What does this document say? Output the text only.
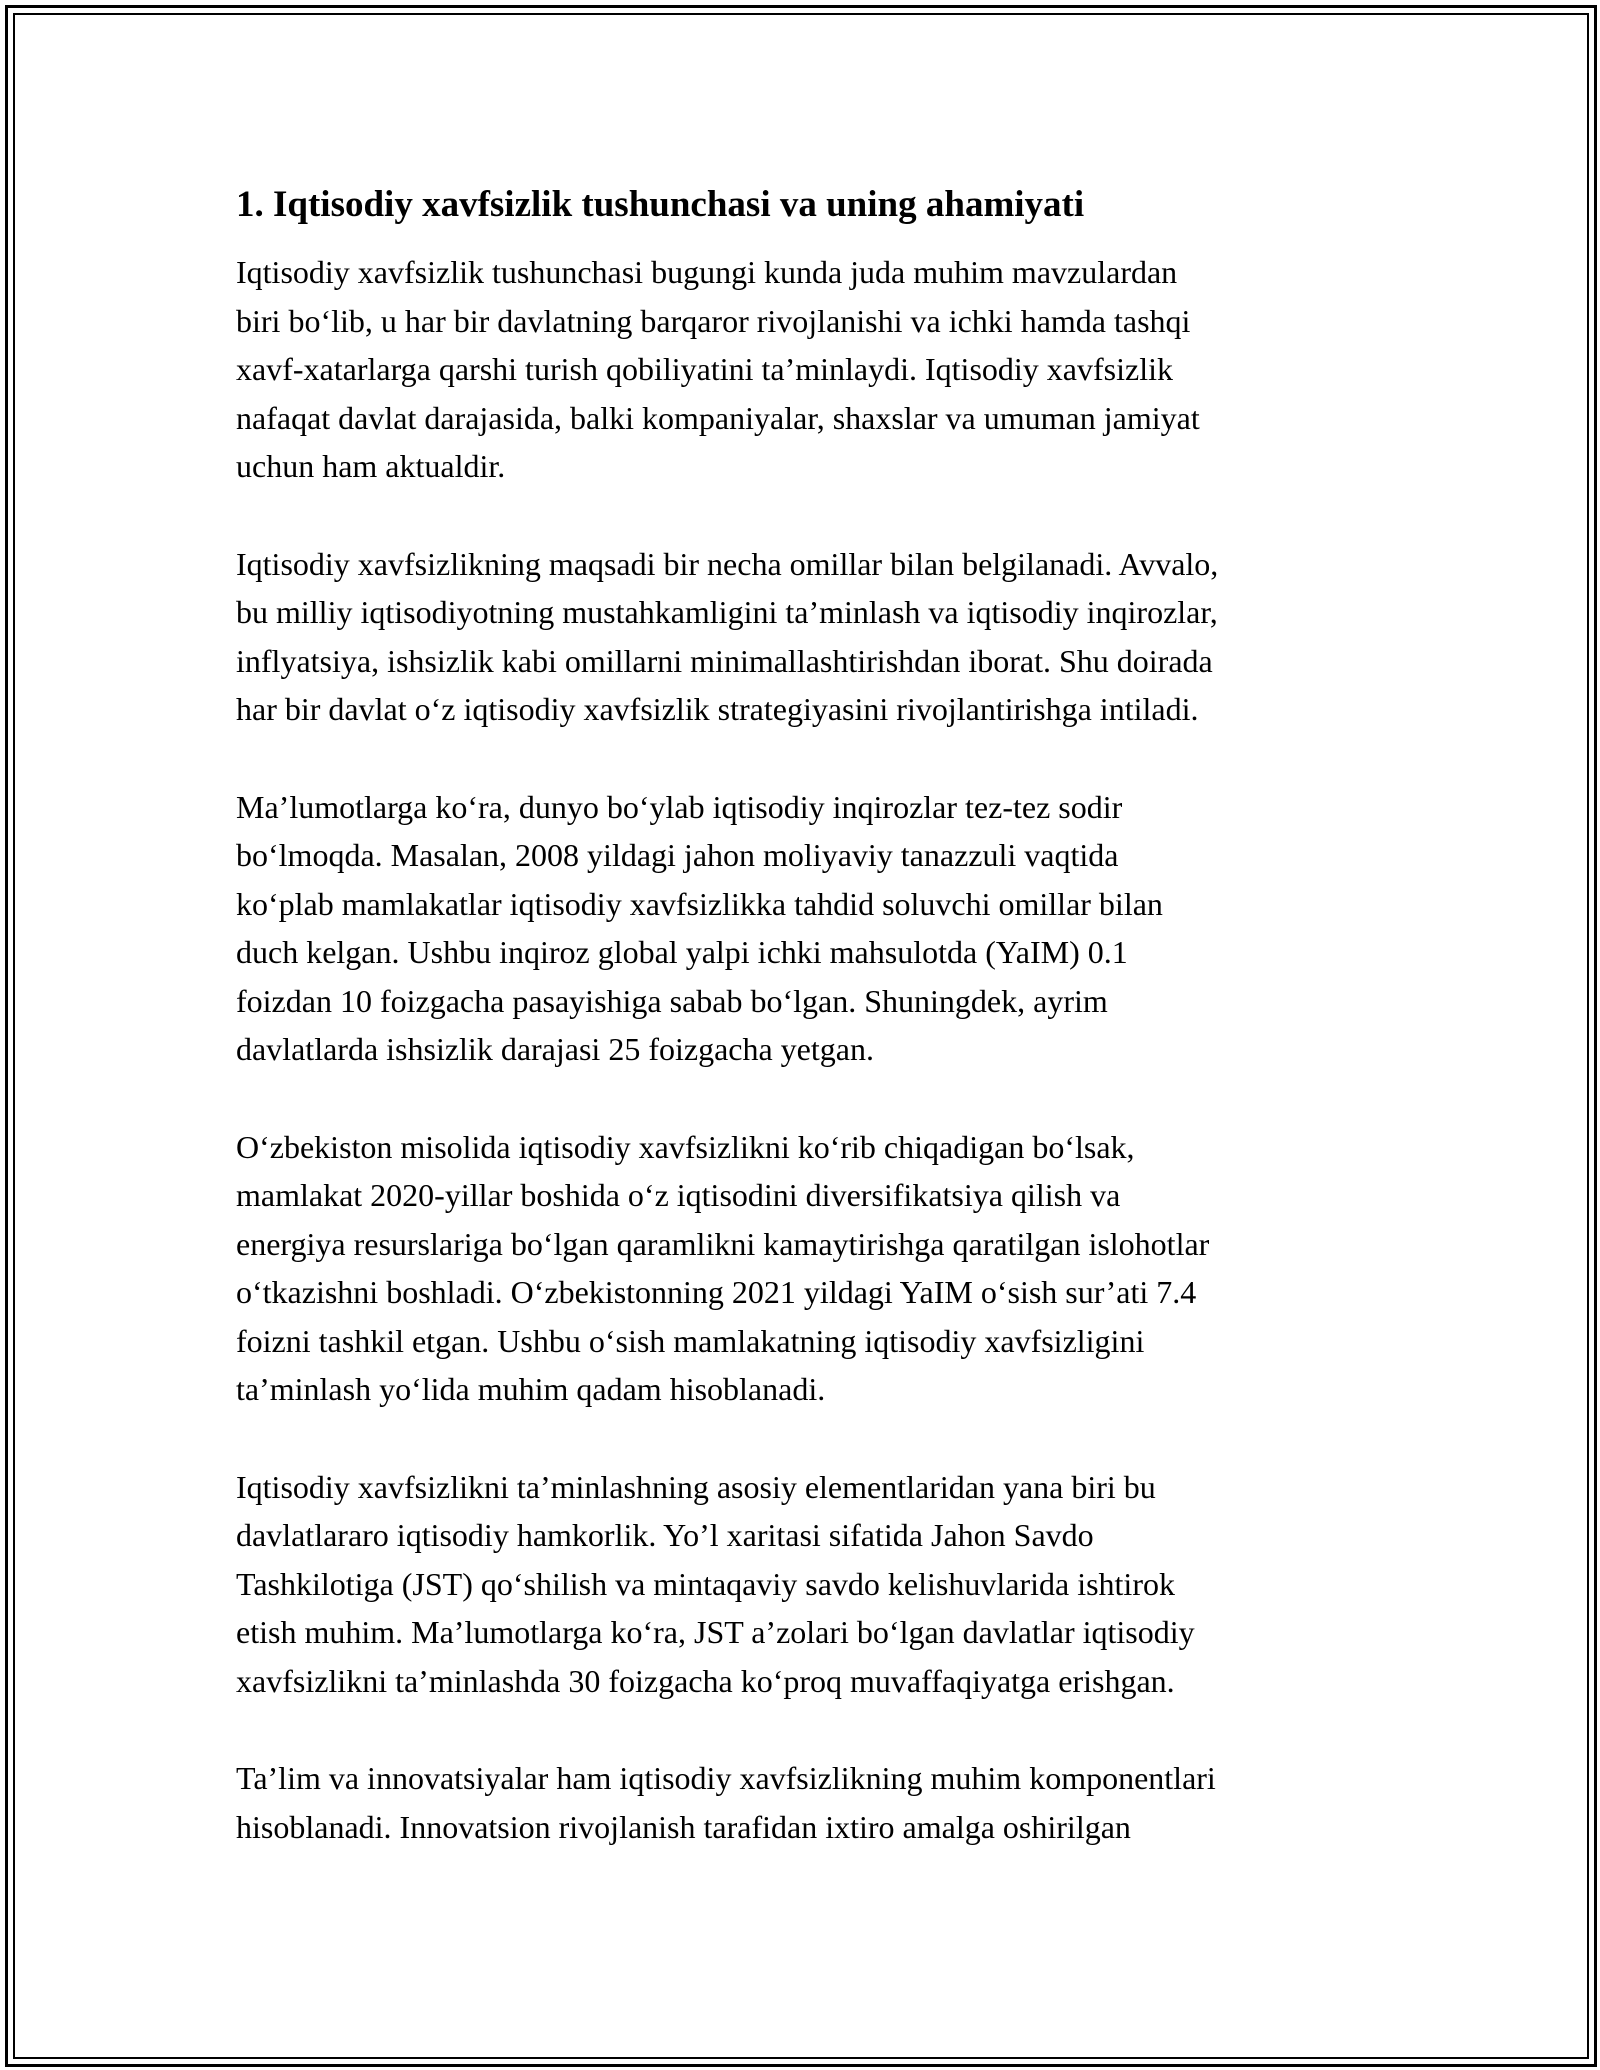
1. Iqtisodiy xavfsizlik tushunchasi va uning ahamiyati

Iqtisodiy xavfsizlik tushunchasi bugungi kunda juda muhim mavzulardan
biri bo‘lib, u har bir davlatning barqaror rivojlanishi va ichki hamda tashqi
xavf-xatarlarga qarshi turish qobiliyatini ta’minlaydi. Iqtisodiy xavfsizlik
nafaqat davlat darajasida, balki kompaniyalar, shaxslar va umuman jamiyat
uchun ham aktualdir.

Iqtisodiy xavfsizlikning maqsadi bir necha omillar bilan belgilanadi. Avvalo,
bu milliy iqtisodiyotning mustahkamligini ta’minlash va iqtisodiy inqirozlar,
inflyatsiya, ishsizlik kabi omillarni minimallashtirishdan iborat. Shu doirada
har bir davlat o‘z iqtisodiy xavfsizlik strategiyasini rivojlantirishga intiladi.

Ma’lumotlarga ko‘ra, dunyo bo‘ylab iqtisodiy inqirozlar tez-tez sodir
bo‘lmoqda. Masalan, 2008 yildagi jahon moliyaviy tanazzuli vaqtida
ko‘plab mamlakatlar iqtisodiy xavfsizlikka tahdid soluvchi omillar bilan
duch kelgan. Ushbu inqiroz global yalpi ichki mahsulotda (YaIM) 0.1
foizdan 10 foizgacha pasayishiga sabab bo‘lgan. Shuningdek, ayrim
davlatlarda ishsizlik darajasi 25 foizgacha yetgan.

O‘zbekiston misolida iqtisodiy xavfsizlikni ko‘rib chiqadigan bo‘lsak,
mamlakat 2020-yillar boshida o‘z iqtisodini diversifikatsiya qilish va
energiya resurslariga bo‘lgan qaramlikni kamaytirishga qaratilgan islohotlar
o‘tkazishni boshladi. O‘zbekistonning 2021 yildagi YaIM o‘sish sur’ati 7.4
foizni tashkil etgan. Ushbu o‘sish mamlakatning iqtisodiy xavfsizligini
ta’minlash yo‘lida muhim qadam hisoblanadi.

Iqtisodiy xavfsizlikni ta’minlashning asosiy elementlaridan yana biri bu
davlatlararo iqtisodiy hamkorlik. Yo’l xaritasi sifatida Jahon Savdo
Tashkilotiga (JST) qo‘shilish va mintaqaviy savdo kelishuvlarida ishtirok
etish muhim. Ma’lumotlarga ko‘ra, JST a’zolari bo‘lgan davlatlar iqtisodiy
xavfsizlikni ta’minlashda 30 foizgacha ko‘proq muvaffaqiyatga erishgan.

Ta’lim va innovatsiyalar ham iqtisodiy xavfsizlikning muhim komponentlari
hisoblanadi. Innovatsion rivojlanish tarafidan ixtiro amalga oshirilgan
